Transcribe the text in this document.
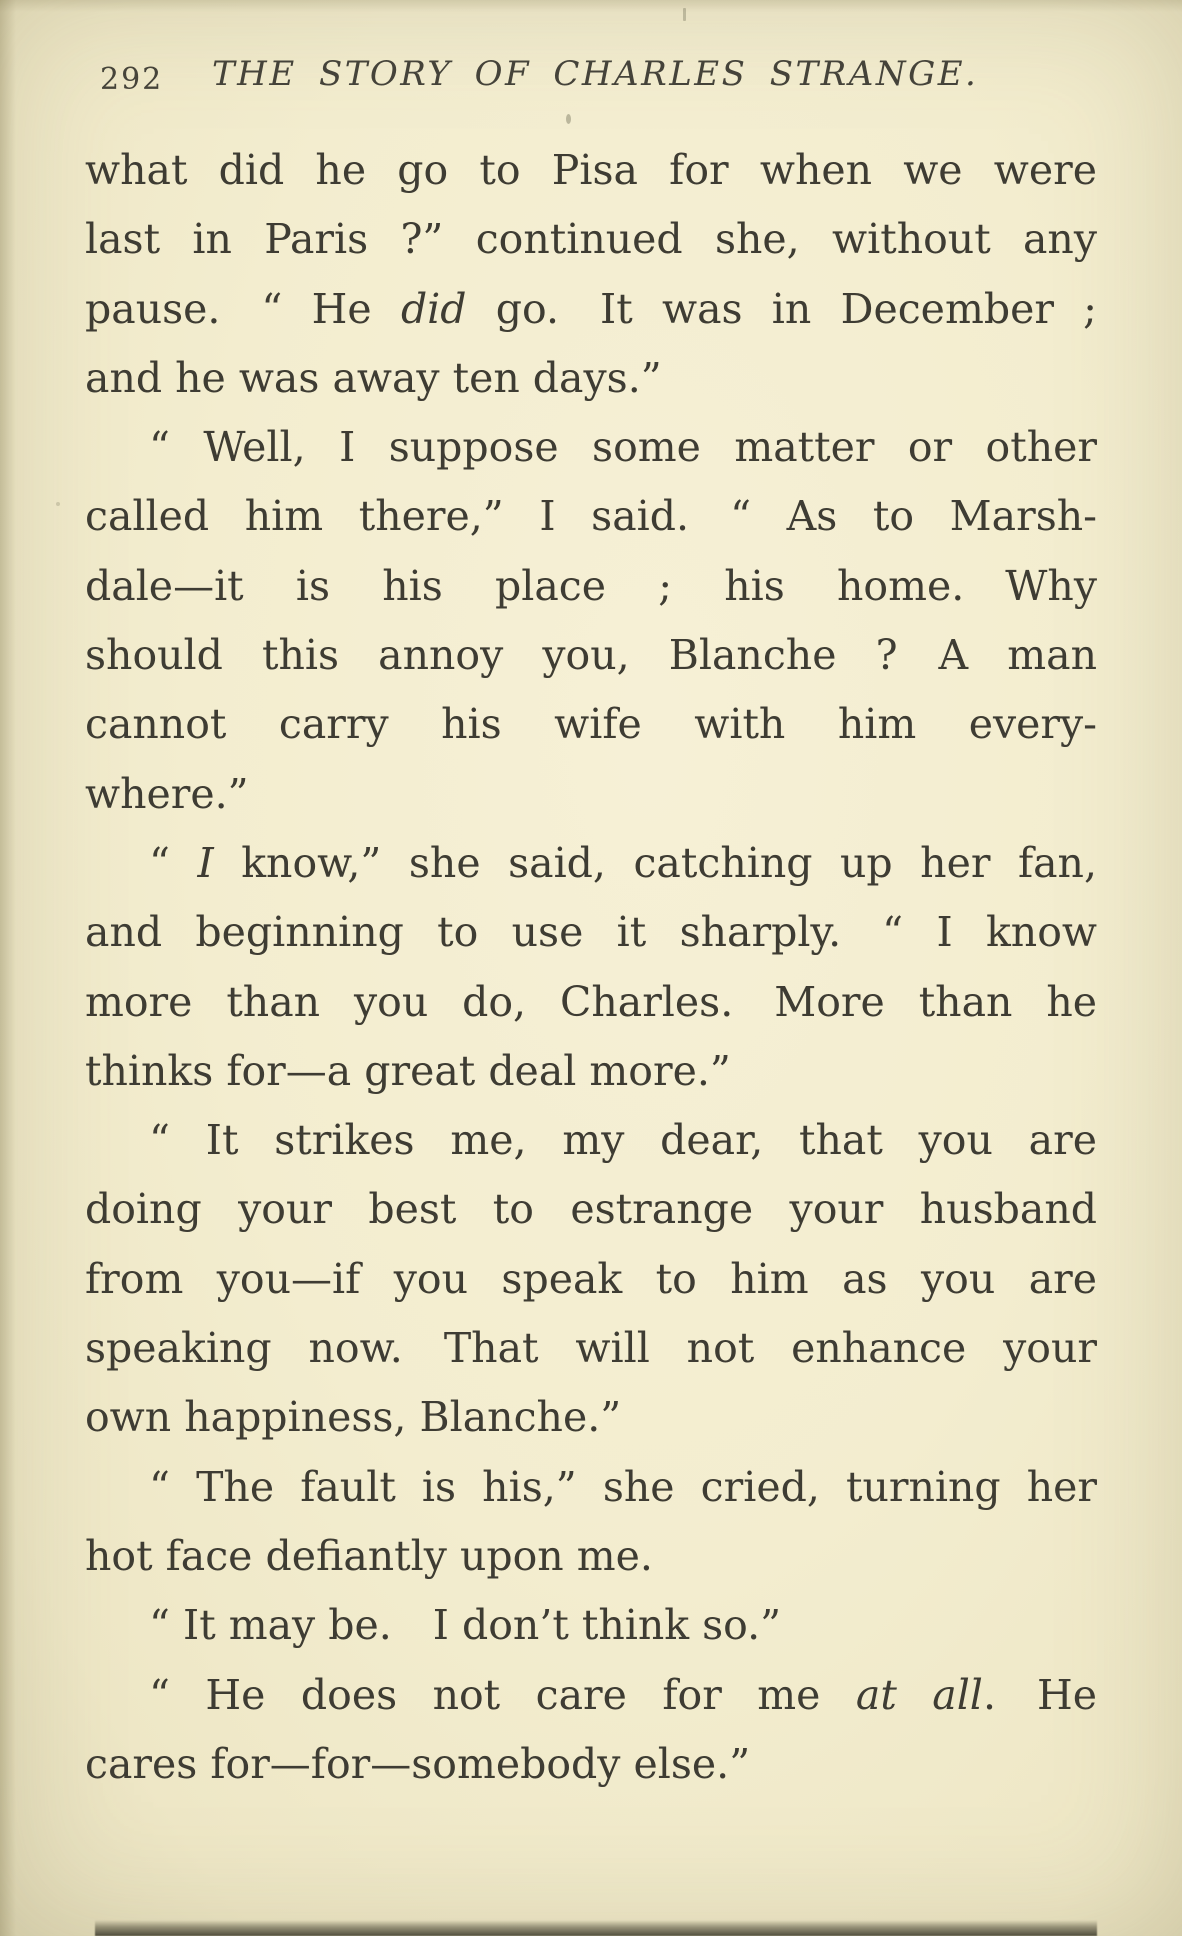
292 THE STORY OF CHARLES STRANGE.
what did he go to Pisa for when we were
last in Paris ?” continued she, without any
pause. “ He did go. It was in December ;
and he was away ten days.”
“ Well, I suppose some matter or other
called him there,” I said. “ As to Marsh-
dale—it is his place ; his home. Why
should this annoy you, Blanche ? A man
cannot carry his wife with him every-
where.”
“ I know,” she said, catching up her fan,
and beginning to use it sharply. “ I know
more than you do, Charles. More than he
thinks for—a great deal more.”
“ It strikes me, my dear, that you are
doing your best to estrange your husband
from you—if you speak to him as you are
speaking now. That will not enhance your
own happiness, Blanche.”
“ The fault is his,” she cried, turning her
hot face defiantly upon me.
“ It may be. I don’t think so.”
“ He does not care for me at all. He
cares for—for—somebody else.”
